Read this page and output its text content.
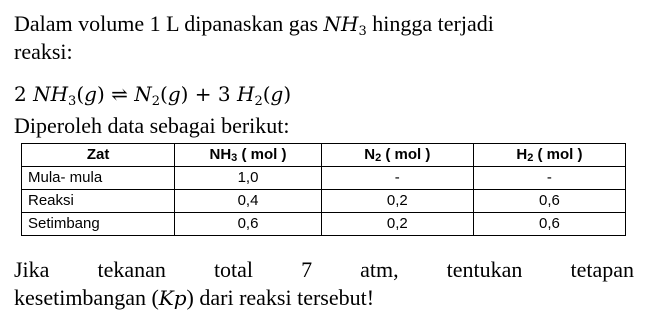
Dalam volume 1 L dipanaskan gas $NH_3$ hingga terjadi
reaksi:
2 $NH_3(g)$ ⇌ $N_2(g) + 3$ $H_2(g)$
Diperoleh data sebagai berikut:
Zat	$NH_3$ ( mol )	$N_2$ ( mol )	$H_2$ ( mol )
Mula- mula	1,0	-	-
Reaksi	0,4	0,2	0,6
Setimbang	0,6	0,2	0,6
Jika tekanan total 7 atm, tentukan tetapan
kesetimbangan (Kp) dari reaksi tersebut!
